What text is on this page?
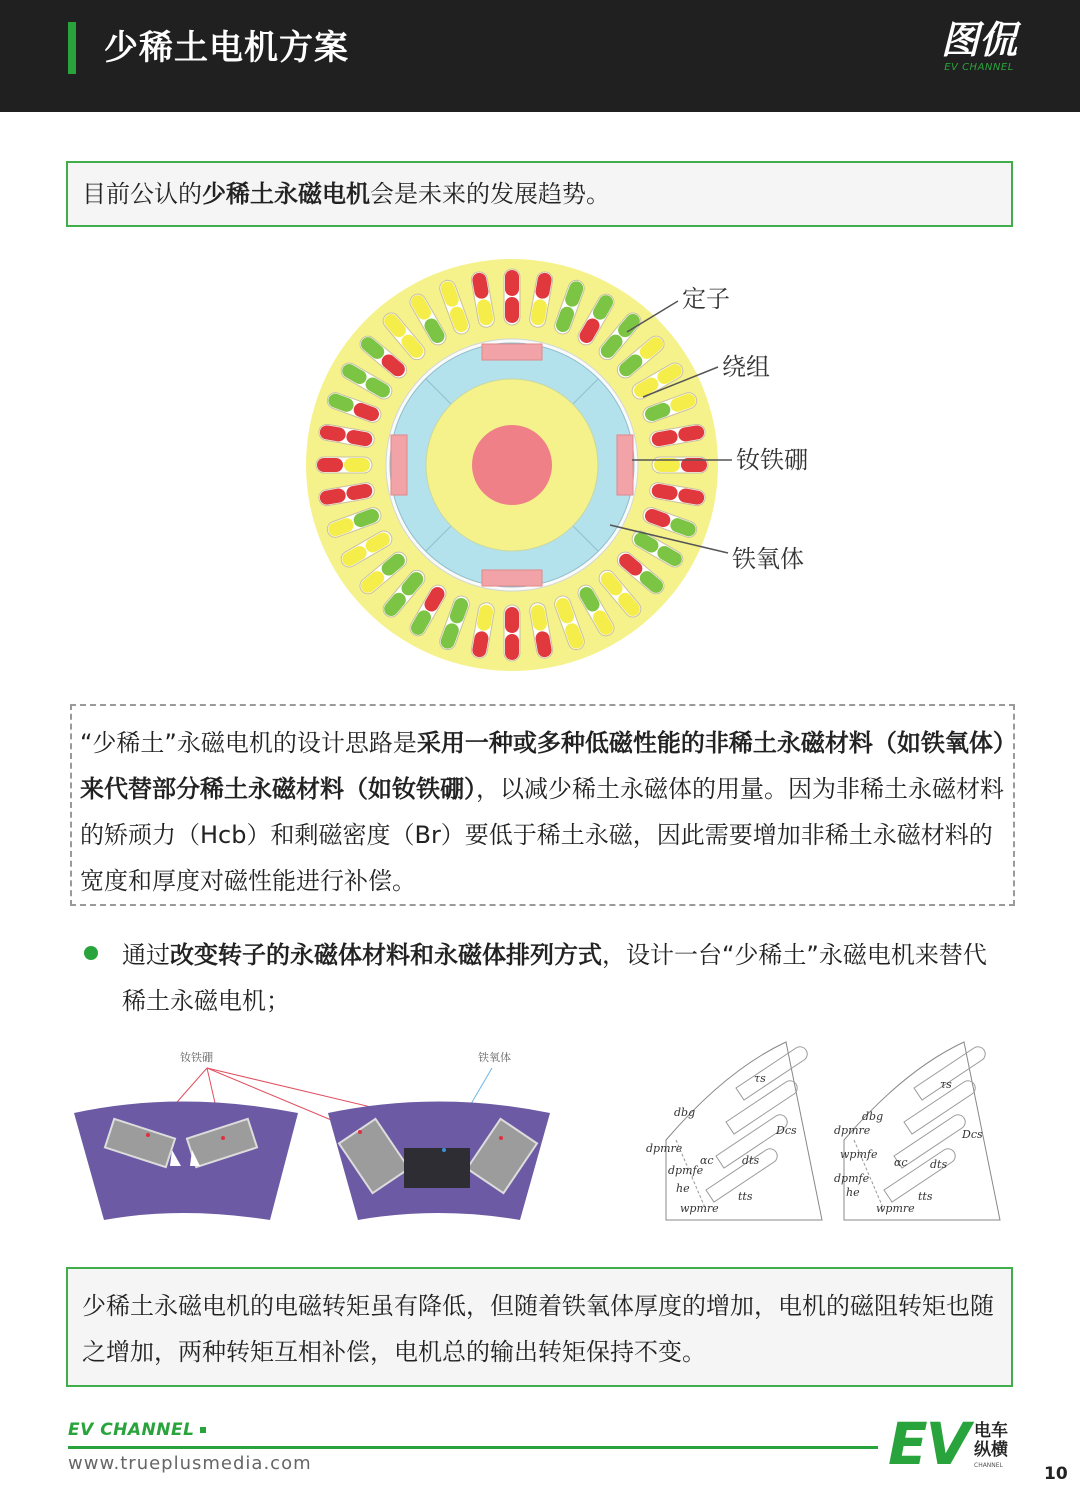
少稀土电机方案	图侃
EV CHANNEL

目前公认的少稀土永磁电机会是未来的发展趋势。

定子
绕组
钕铁硼
铁氧体

“少稀土”永磁电机的设计思路是采用一种或多种低磁性能的非稀土永磁材料（如铁氧体）来代替部分稀土永磁材料（如钕铁硼），以减少稀土永磁体的用量。因为非稀土永磁材料的矫顽力（Hcb）和剩磁密度（Br）要低于稀土永磁，因此需要增加非稀土永磁材料的宽度和厚度对磁性能进行补偿。

通过改变转子的永磁体材料和永磁体排列方式，设计一台“少稀土”永磁电机来替代稀土永磁电机；
钕铁硼	铁氧体
τs
Dcs
dts
tts
αc
dbg
dpmre
dpmfe
he
wpmre
τs
Dcs
dts
tts
αc
dbg
dpmre
wpmfe
dpmfe
he
wpmre

少稀土永磁电机的电磁转矩虽有降低，但随着铁氧体厚度的增加，电机的磁阻转矩也随之增加，两种转矩互相补偿，电机总的输出转矩保持不变。

EV CHANNEL
www.trueplusmedia.com	EV 电车
纵横
CHANNEL 10
